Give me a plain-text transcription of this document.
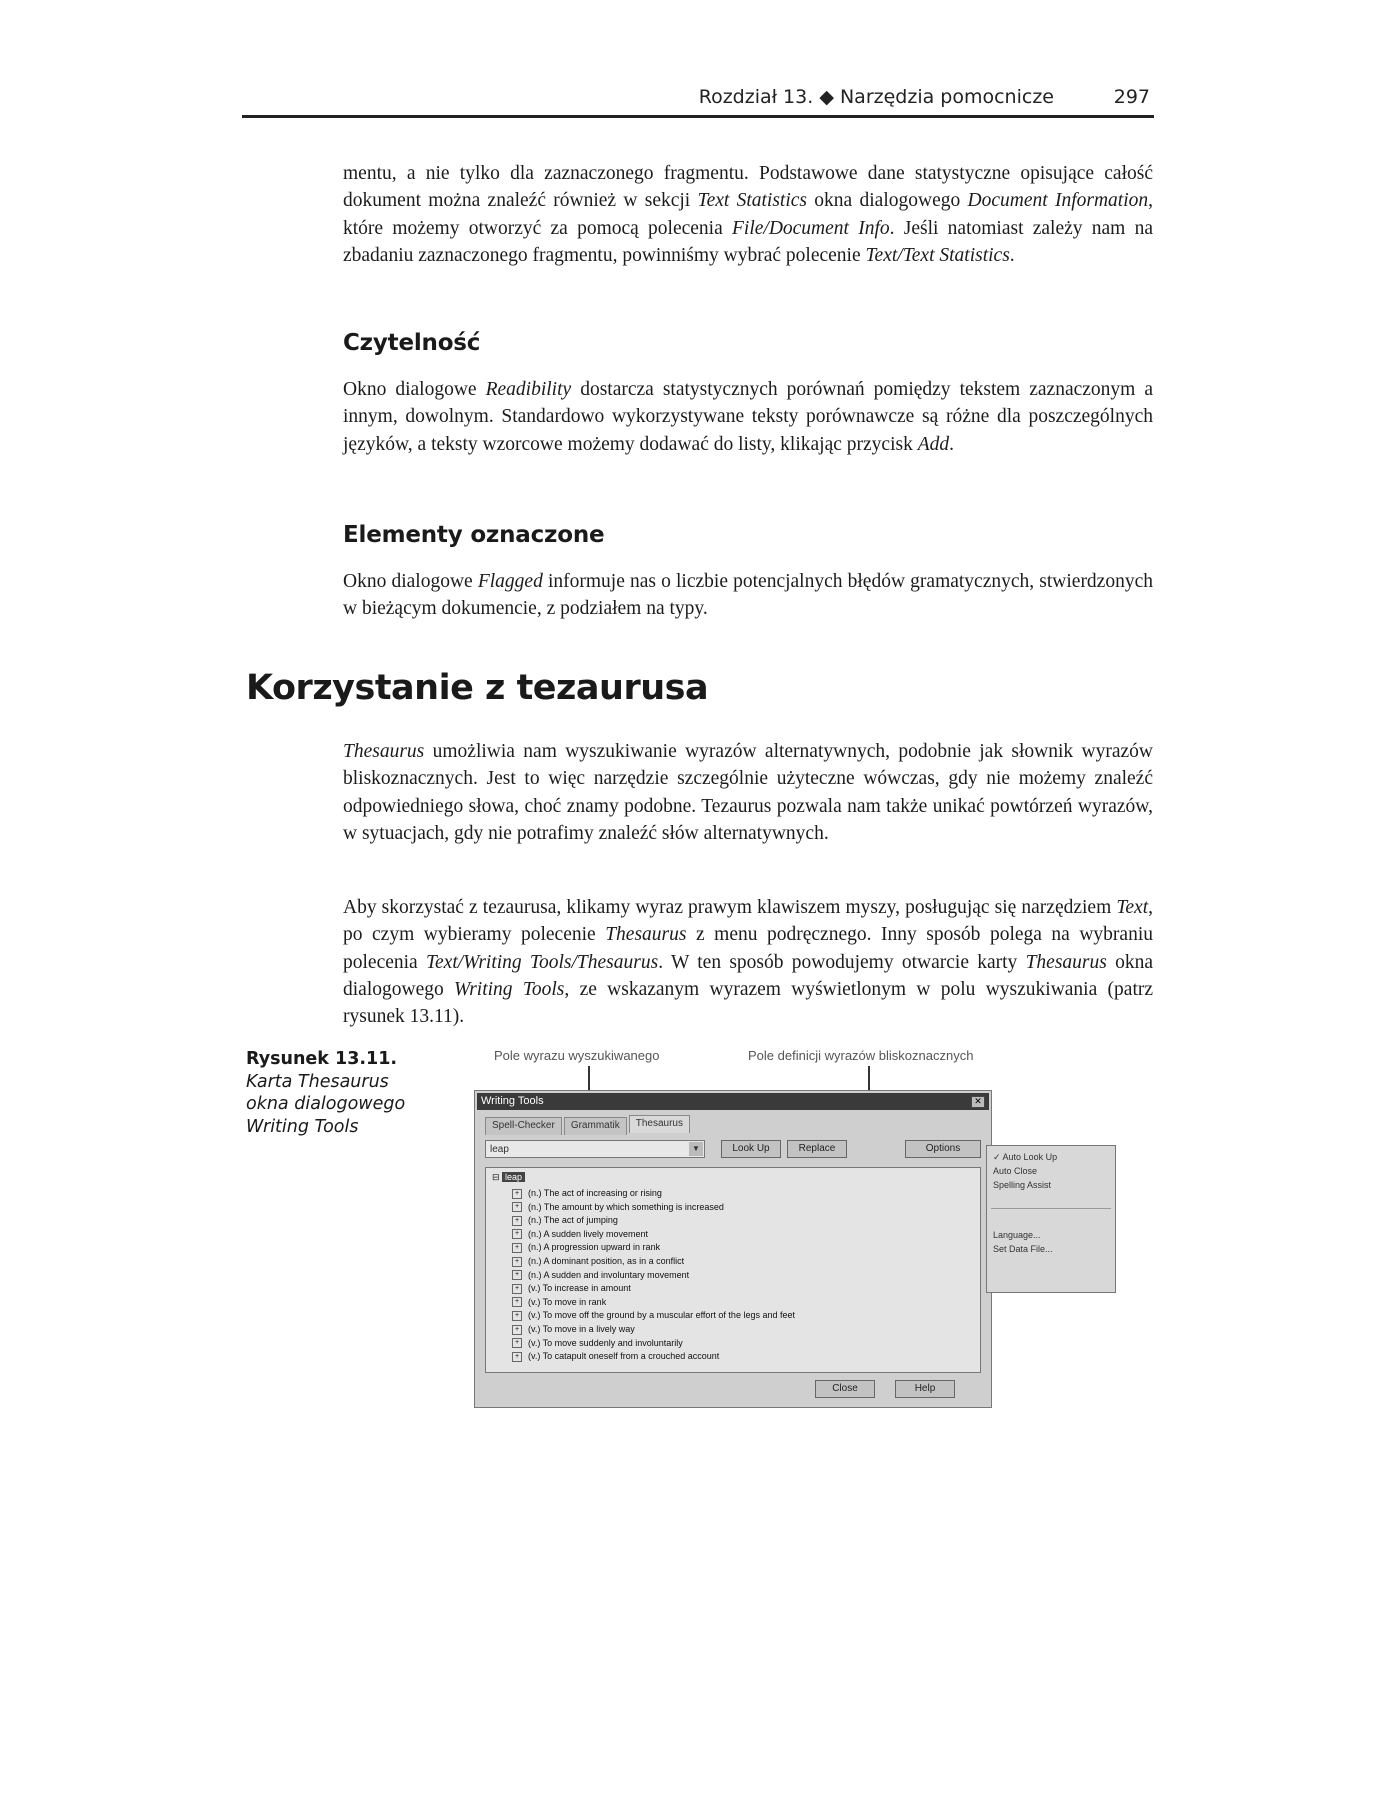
Rozdział 13. ◆ Narzędzia pomocnicze	297

mentu, a nie tylko dla zaznaczonego fragmentu. Podstawowe dane statystyczne opisujące całość dokument można znaleźć również w sekcji Text Statistics okna dialogowego Document Information, które możemy otworzyć za pomocą polecenia File/Document Info. Jeśli natomiast zależy nam na zbadaniu zaznaczonego fragmentu, powinniśmy wybrać polecenie Text/Text Statistics.

Czytelność

Okno dialogowe Readibility dostarcza statystycznych porównań pomiędzy tekstem zaznaczonym a innym, dowolnym. Standardowo wykorzystywane teksty porównawcze są różne dla poszczególnych języków, a teksty wzorcowe możemy dodawać do listy, klikając przycisk Add.

Elementy oznaczone

Okno dialogowe Flagged informuje nas o liczbie potencjalnych błędów gramatycznych, stwierdzonych w bieżącym dokumencie, z podziałem na typy.

Korzystanie z tezaurusa

Thesaurus umożliwia nam wyszukiwanie wyrazów alternatywnych, podobnie jak słownik wyrazów bliskoznacznych. Jest to więc narzędzie szczególnie użyteczne wówczas, gdy nie możemy znaleźć odpowiedniego słowa, choć znamy podobne. Tezaurus pozwala nam także unikać powtórzeń wyrazów, w sytuacjach, gdy nie potrafimy znaleźć słów alternatywnych.

Aby skorzystać z tezaurusa, klikamy wyraz prawym klawiszem myszy, posługując się narzędziem Text, po czym wybieramy polecenie Thesaurus z menu podręcznego. Inny sposób polega na wybraniu polecenia Text/Writing Tools/Thesaurus. W ten sposób powodujemy otwarcie karty Thesaurus okna dialogowego Writing Tools, ze wskazanym wyrazem wyświetlonym w polu wyszukiwania (patrz rysunek 13.11).

Rysunek 13.11.
Karta Thesaurus okna dialogowego Writing Tools
Pole wyrazu wyszukiwanego	Pole definicji wyrazów bliskoznacznych
Writing Tools	✕
Spell-Checker Grammatik Thesaurus
leap	▼	Look Up	Replace	Options
⊟ leap
+ (n.) The act of increasing or rising
+ (n.) The amount by which something is increased
+ (n.) The act of jumping
+ (n.) A sudden lively movement
+ (n.) A progression upward in rank
+ (n.) A dominant position, as in a conflict
+ (n.) A sudden and involuntary movement
+ (v.) To increase in amount
+ (v.) To move in rank
+ (v.) To move off the ground by a muscular effort of the legs and feet
+ (v.) To move in a lively way
+ (v.) To move suddenly and involuntarily
+ (v.) To catapult oneself from a crouched account
Close	Help
✓ Auto Look Up
Auto Close
Spelling Assist
Language...
Set Data File...
